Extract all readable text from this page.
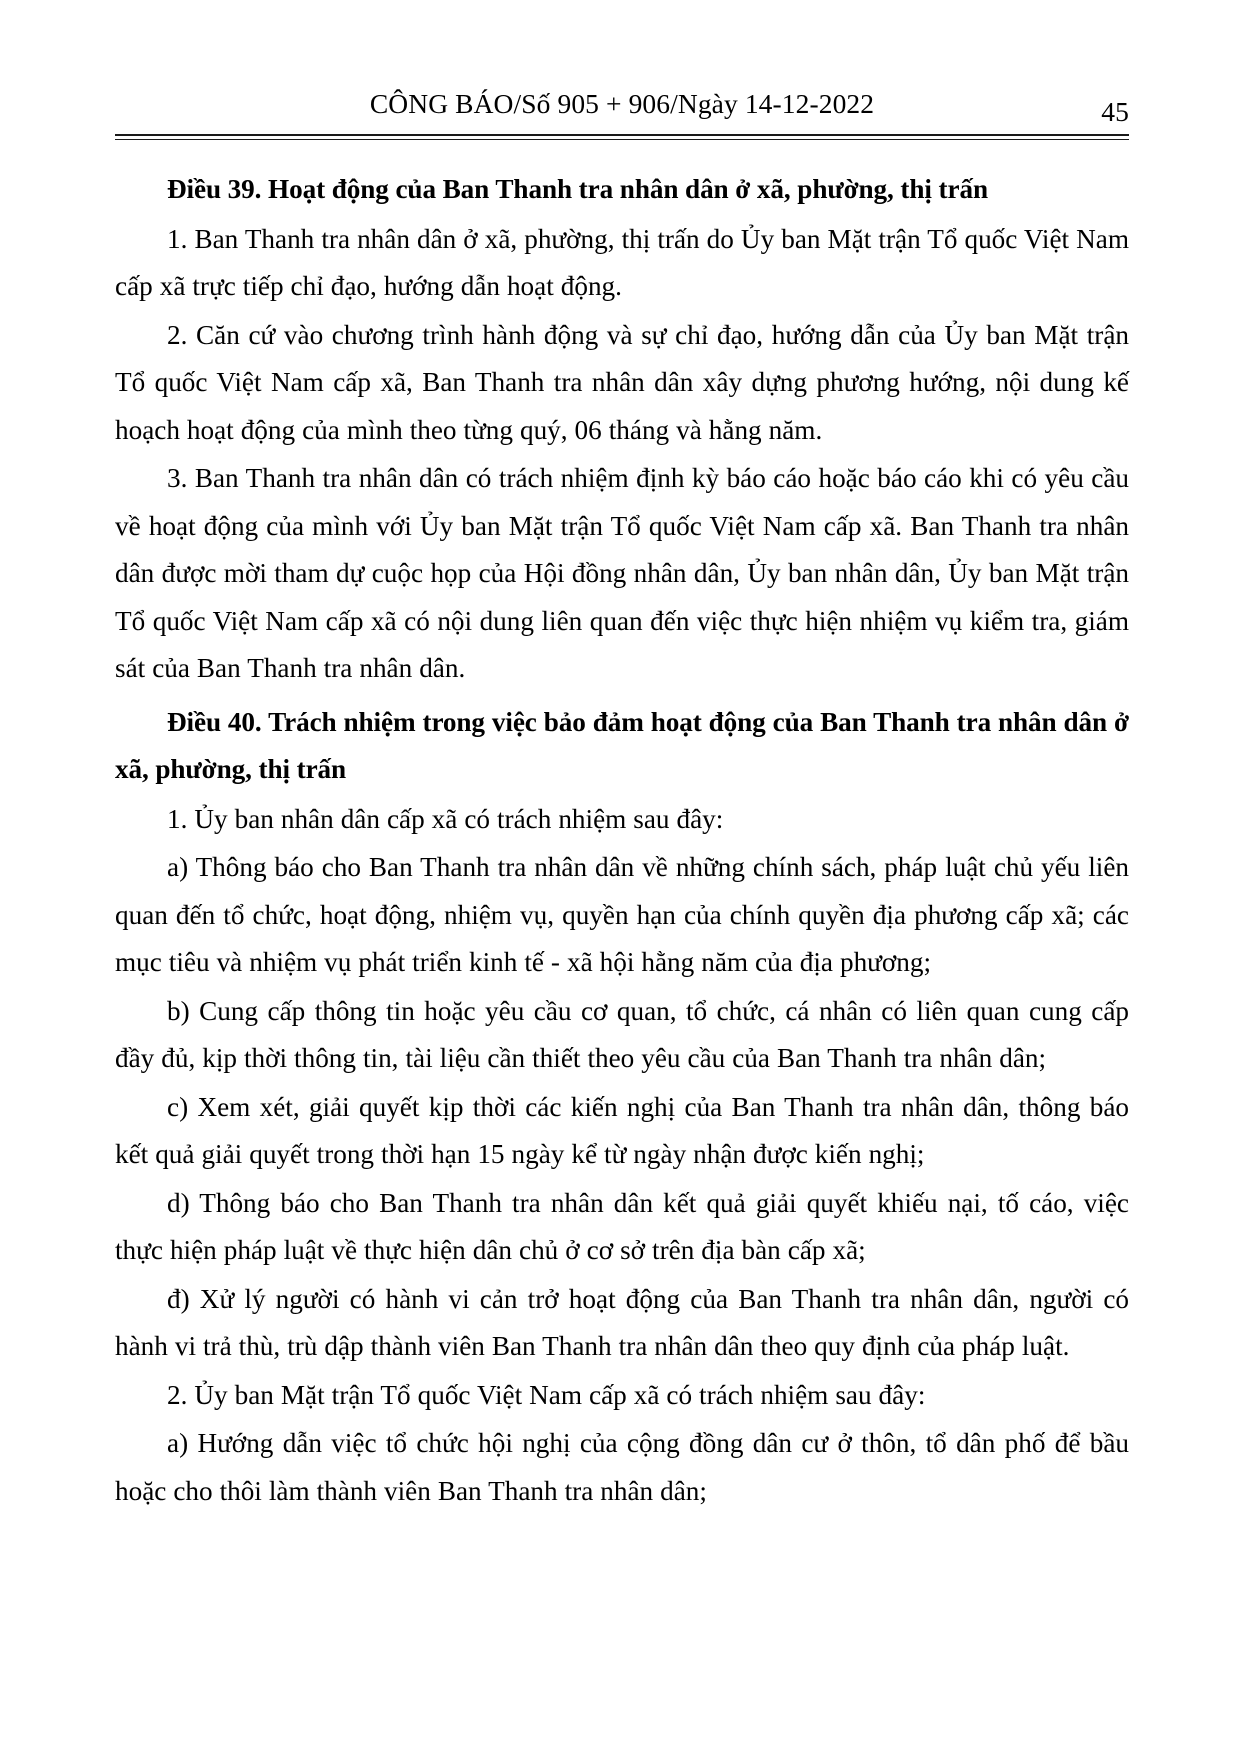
CÔNG BÁO/Số 905 + 906/Ngày 14-12-2022	45

Điều 39. Hoạt động của Ban Thanh tra nhân dân ở xã, phường, thị trấn

1. Ban Thanh tra nhân dân ở xã, phường, thị trấn do Ủy ban Mặt trận Tổ quốc Việt Nam cấp xã trực tiếp chỉ đạo, hướng dẫn hoạt động.

2. Căn cứ vào chương trình hành động và sự chỉ đạo, hướng dẫn của Ủy ban Mặt trận Tổ quốc Việt Nam cấp xã, Ban Thanh tra nhân dân xây dựng phương hướng, nội dung kế hoạch hoạt động của mình theo từng quý, 06 tháng và hằng năm.

3. Ban Thanh tra nhân dân có trách nhiệm định kỳ báo cáo hoặc báo cáo khi có yêu cầu về hoạt động của mình với Ủy ban Mặt trận Tổ quốc Việt Nam cấp xã. Ban Thanh tra nhân dân được mời tham dự cuộc họp của Hội đồng nhân dân, Ủy ban nhân dân, Ủy ban Mặt trận Tổ quốc Việt Nam cấp xã có nội dung liên quan đến việc thực hiện nhiệm vụ kiểm tra, giám sát của Ban Thanh tra nhân dân.

Điều 40. Trách nhiệm trong việc bảo đảm hoạt động của Ban Thanh tra nhân dân ở xã, phường, thị trấn

1. Ủy ban nhân dân cấp xã có trách nhiệm sau đây:

a) Thông báo cho Ban Thanh tra nhân dân về những chính sách, pháp luật chủ yếu liên quan đến tổ chức, hoạt động, nhiệm vụ, quyền hạn của chính quyền địa phương cấp xã; các mục tiêu và nhiệm vụ phát triển kinh tế - xã hội hằng năm của địa phương;

b) Cung cấp thông tin hoặc yêu cầu cơ quan, tổ chức, cá nhân có liên quan cung cấp đầy đủ, kịp thời thông tin, tài liệu cần thiết theo yêu cầu của Ban Thanh tra nhân dân;

c) Xem xét, giải quyết kịp thời các kiến nghị của Ban Thanh tra nhân dân, thông báo kết quả giải quyết trong thời hạn 15 ngày kể từ ngày nhận được kiến nghị;

d) Thông báo cho Ban Thanh tra nhân dân kết quả giải quyết khiếu nại, tố cáo, việc thực hiện pháp luật về thực hiện dân chủ ở cơ sở trên địa bàn cấp xã;

đ) Xử lý người có hành vi cản trở hoạt động của Ban Thanh tra nhân dân, người có hành vi trả thù, trù dập thành viên Ban Thanh tra nhân dân theo quy định của pháp luật.

2. Ủy ban Mặt trận Tổ quốc Việt Nam cấp xã có trách nhiệm sau đây:

a) Hướng dẫn việc tổ chức hội nghị của cộng đồng dân cư ở thôn, tổ dân phố để bầu hoặc cho thôi làm thành viên Ban Thanh tra nhân dân;
